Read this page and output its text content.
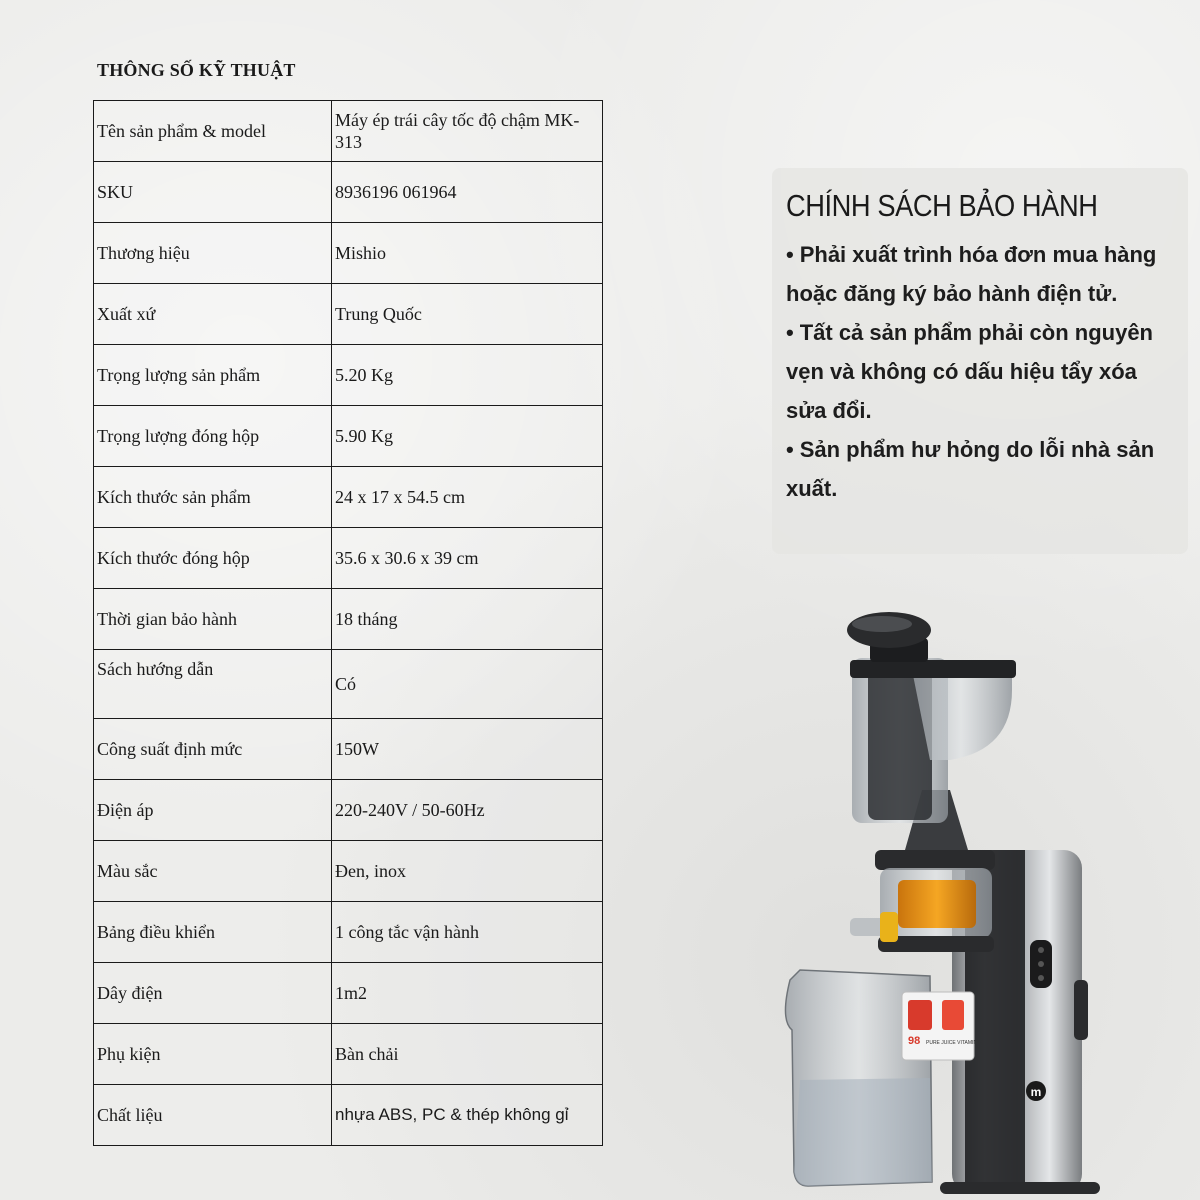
THÔNG SỐ KỸ THUẬT
Tên sản phẩm & model	Máy ép trái cây tốc độ chậm MK-313
SKU	8936196 061964
Thương hiệu	Mishio
Xuất xứ	Trung Quốc
Trọng lượng sản phẩm	5.20 Kg
Trọng lượng đóng hộp	5.90 Kg
Kích thước sản phẩm	24 x 17 x 54.5 cm
Kích thước đóng hộp	35.6 x 30.6 x 39 cm
Thời gian bảo hành	18 tháng
Sách hướng dẫn	Có
Công suất định mức	150W
Điện áp	220-240V / 50-60Hz
Màu sắc	Đen, inox
Bảng điều khiển	1 công tắc vận hành
Dây điện	1m2
Phụ kiện	Bàn chải
Chất liệu	nhựa ABS, PC & thép không gỉ
CHÍNH SÁCH BẢO HÀNH
• Phải xuất trình hóa đơn mua hàng hoặc đăng ký bảo hành điện tử.
• Tất cả sản phẩm phải còn nguyên vẹn và không có dấu hiệu tẩy xóa sửa đổi.
• Sản phẩm hư hỏng do lỗi nhà sản xuất.
m
98 PURE JUICE VITAMINS
